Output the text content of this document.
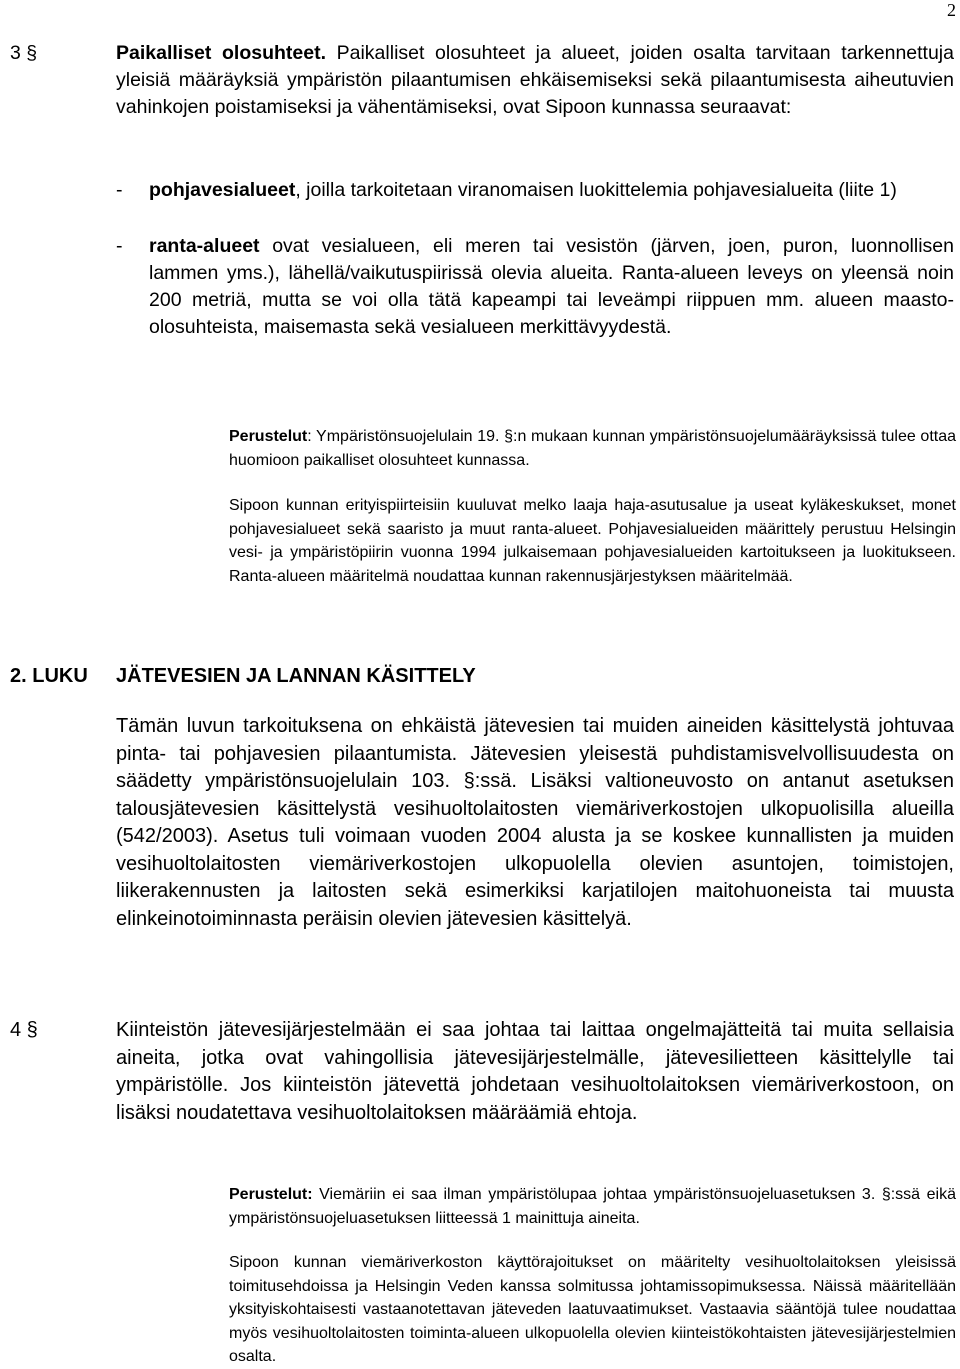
2
3 §	Paikalliset olosuhteet. Paikalliset olosuhteet ja alueet, joiden osalta tarvitaan tarkennettuja yleisiä määräyksiä ympäristön pilaantumisen ehkäisemiseksi sekä pilaantumisesta aiheutuvien vahinkojen poistamiseksi ja vähentämiseksi, ovat Sipoon kunnassa seuraavat:
- pohjavesialueet, joilla tarkoitetaan viranomaisen luokittelemia pohjavesialueita (liite 1)
- ranta-alueet ovat vesialueen, eli meren tai vesistön (järven, joen, puron, luonnollisen lammen yms.), lähellä/vaikutuspiirissä olevia alueita. Ranta-alueen leveys on yleensä noin 200 metriä, mutta se voi olla tätä kapeampi tai leveämpi riippuen mm. alueen maasto-olosuhteista, maisemasta sekä vesialueen merkittävyydestä.
Perustelut: Ympäristönsuojelulain 19. §:n mukaan kunnan ympäristönsuojelumääräyksissä tulee ottaa huomioon paikalliset olosuhteet kunnassa.
Sipoon kunnan erityispiirteisiin kuuluvat melko laaja haja-asutusalue ja useat kyläkeskukset, monet pohjavesialueet sekä saaristo ja muut ranta-alueet. Pohjavesialueiden määrittely perustuu Helsingin vesi- ja ympäristöpiirin vuonna 1994 julkaisemaan pohjavesialueiden kartoitukseen ja luokitukseen. Ranta-alueen määritelmä noudattaa kunnan rakennusjärjestyksen määritelmää.
2. LUKU JÄTEVESIEN JA LANNAN KÄSITTELY
Tämän luvun tarkoituksena on ehkäistä jätevesien tai muiden aineiden käsittelystä johtuvaa pinta- tai pohjavesien pilaantumista. Jätevesien yleisestä puhdistamisvelvollisuudesta on säädetty ympäristönsuojelulain 103. §:ssä. Lisäksi valtioneuvosto on antanut asetuksen talousjätevesien käsittelystä vesihuoltolaitosten viemäriverkostojen ulkopuolisilla alueilla (542/2003). Asetus tuli voimaan vuoden 2004 alusta ja se koskee kunnallisten ja muiden vesihuoltolaitosten viemäriverkostojen ulkopuolella olevien asuntojen, toimistojen, liikerakennusten ja laitosten sekä esimerkiksi karjatilojen maitohuoneista tai muusta elinkeinotoiminnasta peräisin olevien jätevesien käsittelyä.
4 §	Kiinteistön jätevesijärjestelmään ei saa johtaa tai laittaa ongelmajätteitä tai muita sellaisia aineita, jotka ovat vahingollisia jätevesijärjestelmälle, jätevesilietteen käsittelylle tai ympäristölle. Jos kiinteistön jätevettä johdetaan vesihuoltolaitoksen viemäriverkostoon, on lisäksi noudatettava vesihuoltolaitoksen määräämiä ehtoja.
Perustelut: Viemäriin ei saa ilman ympäristölupaa johtaa ympäristönsuojeluasetuksen 3. §:ssä eikä ympäristönsuojeluasetuksen liitteessä 1 mainittuja aineita.
Sipoon kunnan viemäriverkoston käyttörajoitukset on määritelty vesihuoltolaitoksen yleisissä toimitusehdoissa ja Helsingin Veden kanssa solmitussa johtamissopimuksessa. Näissä määritellään yksityiskohtaisesti vastaanotettavan jäteveden laatuvaatimukset. Vastaavia sääntöjä tulee noudattaa myös vesihuoltolaitosten toiminta-alueen ulkopuolella olevien kiinteistökohtaisten jätevesijärjestelmien osalta.
